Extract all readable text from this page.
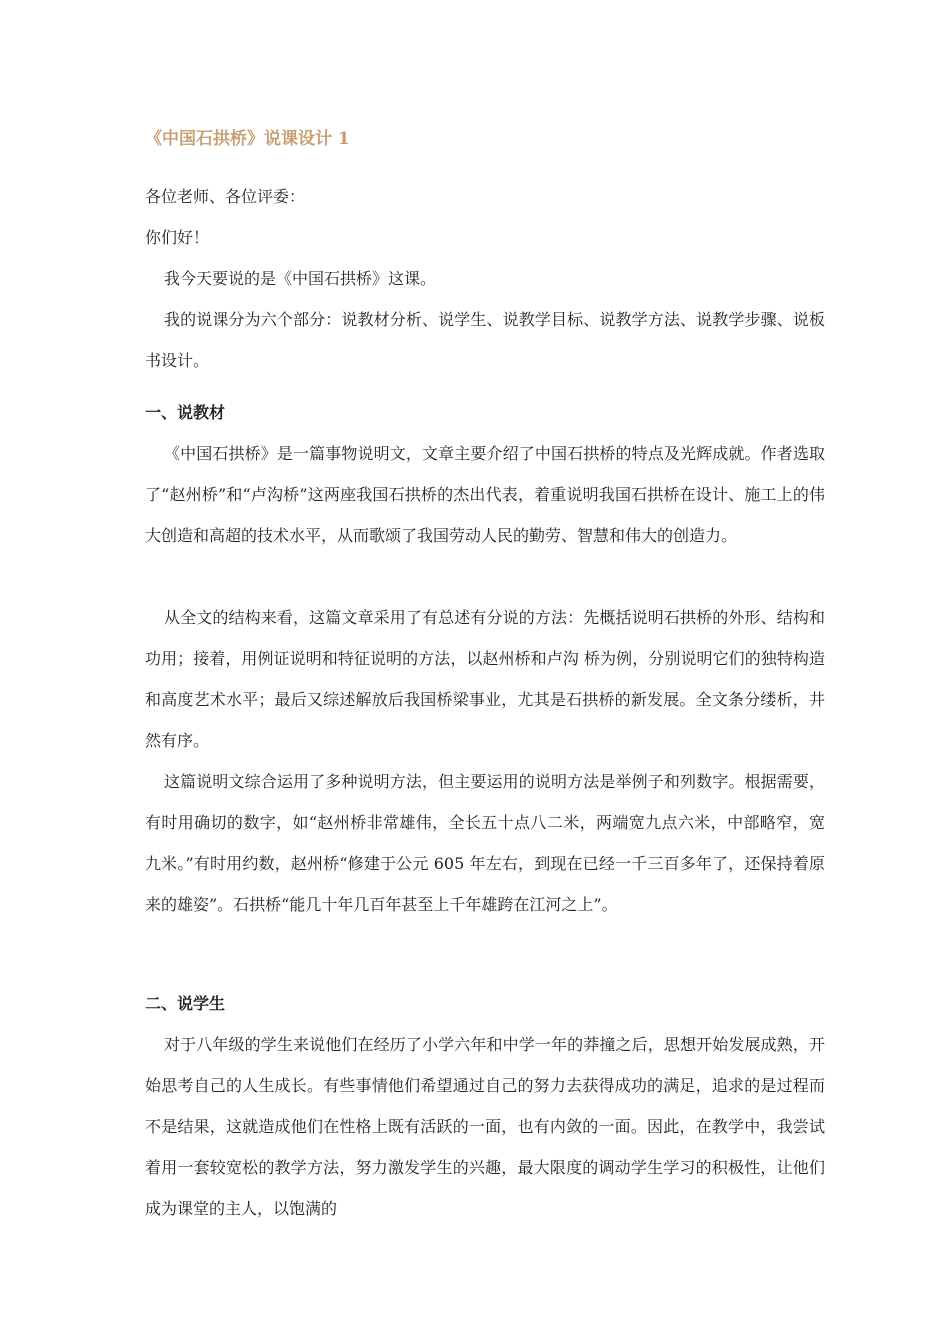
《中国石拱桥》说课设计 1

各位老师、各位评委：

你们好！

我今天要说的是《中国石拱桥》这课。

我的说课分为六个部分：说教材分析、说学生、说教学目标、说教学方法、说教学步骤、说板书设计。

一、说教材

《中国石拱桥》是一篇事物说明文，文章主要介绍了中国石拱桥的特点及光辉成就。作者选取了“赵州桥”和“卢沟桥”这两座我国石拱桥的杰出代表，着重说明我国石拱桥在设计、施工上的伟大创造和高超的技术水平，从而歌颂了我国劳动人民的勤劳、智慧和伟大的创造力。

从全文的结构来看，这篇文章采用了有总述有分说的方法：先概括说明石拱桥的外形、结构和功用；接着，用例证说明和特征说明的方法，以赵州桥和卢沟 桥为例，分别说明它们的独特构造和高度艺术水平；最后又综述解放后我国桥梁事业，尤其是石拱桥的新发展。全文条分缕析，井然有序。

这篇说明文综合运用了多种说明方法，但主要运用的说明方法是举例子和列数字。根据需要，有时用确切的数字，如“赵州桥非常雄伟，全长五十点八二米，两端宽九点六米，中部略窄，宽九米。”有时用约数，赵州桥“修建于公元 605 年左右，到现在已经一千三百多年了，还保持着原来的雄姿”。石拱桥“能几十年几百年甚至上千年雄跨在江河之上”。

二、说学生

对于八年级的学生来说他们在经历了小学六年和中学一年的莽撞之后，思想开始发展成熟，开始思考自己的人生成长。有些事情他们希望通过自己的努力去获得成功的满足，追求的是过程而不是结果，这就造成他们在性格上既有活跃的一面，也有内敛的一面。因此，在教学中，我尝试着用一套较宽松的教学方法，努力激发学生的兴趣，最大限度的调动学生学习的积极性，让他们成为课堂的主人，以饱满的
